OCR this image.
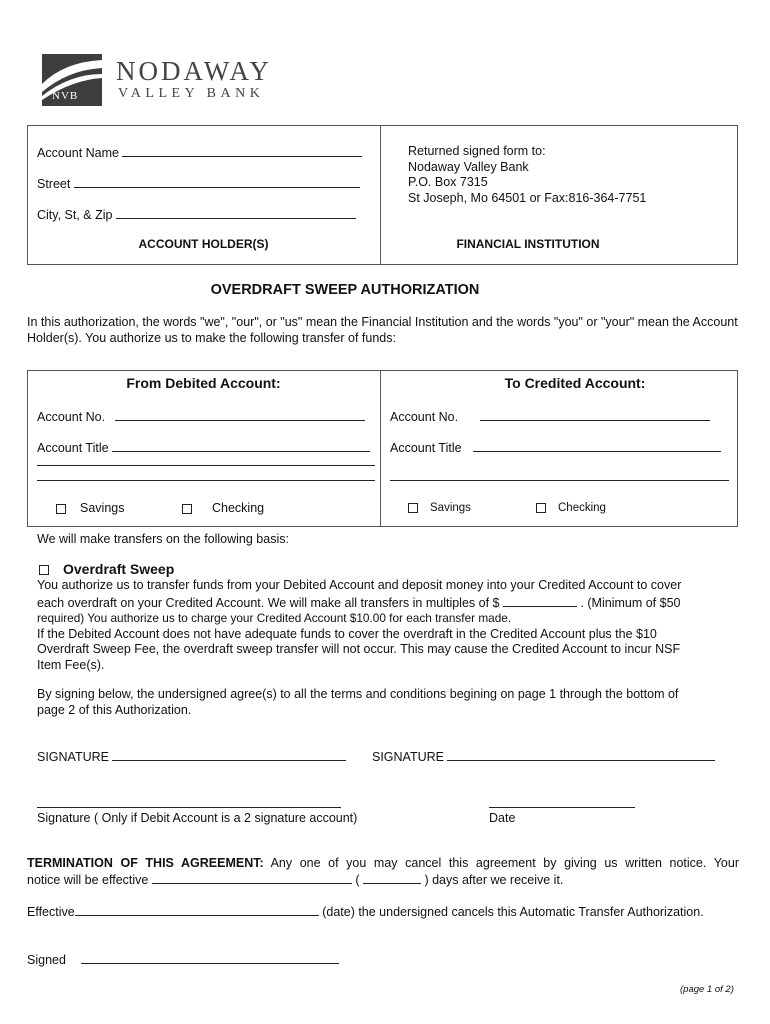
NVB
NODAWAY
VALLEY BANK
Account Name
Street
City, St, & Zip
ACCOUNT HOLDER(S)
Returned signed form to:
Nodaway Valley Bank
P.O. Box 7315
St Joseph, Mo 64501 or Fax:816-364-7751
FINANCIAL INSTITUTION
OVERDRAFT SWEEP AUTHORIZATION
In this authorization, the words "we", "our", or "us" mean the Financial Institution and the words "you" or "your" mean the Account Holder(s). You authorize us to make the following transfer of funds:
From Debited Account:	To Credited Account:
Account No.
Account Title
Savings	Checking
Account No.
Account Title
Savings	Checking
We will make transfers on the following basis:
Overdraft Sweep
You authorize us to transfer funds from your Debited Account and deposit money into your Credited Account to cover
each overdraft on your Credited Account. We will make all transfers in multiples of $	. (Minimum of $50
required) You authorize us to charge your Credited Account $10.00 for each transfer made.
If the Debited Account does not have adequate funds to cover the overdraft in the Credited Account plus the $10
Overdraft Sweep Fee, the overdraft sweep transfer will not occur. This may cause the Credited Account to incur NSF
Item Fee(s).
By signing below, the undersigned agree(s) to all the terms and conditions begining on page 1 through the bottom of
page 2 of this Authorization.
SIGNATURE	SIGNATURE
Signature ( Only if Debit Account is a 2 signature account)	Date
TERMINATION OF THIS AGREEMENT: Any one of you may cancel this agreement by giving us written notice. Your
notice will be effective	(	) days after we receive it.
Effective	(date) the undersigned cancels this Automatic Transfer Authorization.
Signed
(page 1 of 2)
